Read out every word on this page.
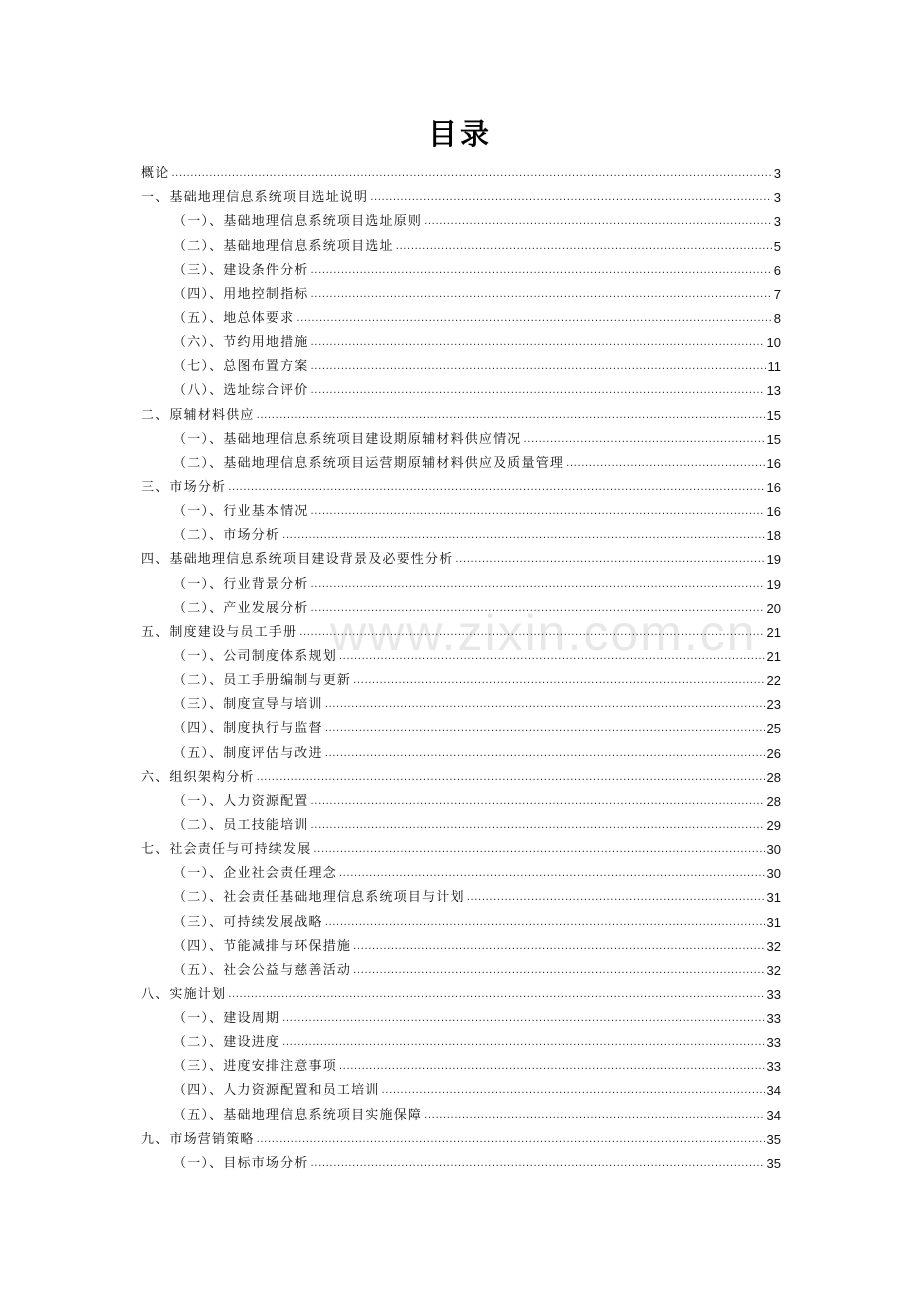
目录
www.zixin.com.cn
概论 .....	3
一、基础地理信息系统项目选址说明 .....	3
（一）、基础地理信息系统项目选址原则 .....	3
（二）、基础地理信息系统项目选址 .....	5
（三）、建设条件分析 .....	6
（四）、用地控制指标 .....	7
（五）、地总体要求 .....	8
（六）、节约用地措施 .....	10
（七）、总图布置方案 .....	11
（八）、选址综合评价 .....	13
二、原辅材料供应 .....	15
（一）、基础地理信息系统项目建设期原辅材料供应情况 .....	15
（二）、基础地理信息系统项目运营期原辅材料供应及质量管理 .....	16
三、市场分析 .....	16
（一）、行业基本情况 .....	16
（二）、市场分析 .....	18
四、基础地理信息系统项目建设背景及必要性分析 .....	19
（一）、行业背景分析 .....	19
（二）、产业发展分析 .....	20
五、制度建设与员工手册 .....	21
（一）、公司制度体系规划 .....	21
（二）、员工手册编制与更新 .....	22
（三）、制度宣导与培训 .....	23
（四）、制度执行与监督 .....	25
（五）、制度评估与改进 .....	26
六、组织架构分析 .....	28
（一）、人力资源配置 .....	28
（二）、员工技能培训 .....	29
七、社会责任与可持续发展 .....	30
（一）、企业社会责任理念 .....	30
（二）、社会责任基础地理信息系统项目与计划 .....	31
（三）、可持续发展战略 .....	31
（四）、节能减排与环保措施 .....	32
（五）、社会公益与慈善活动 .....	32
八、实施计划 .....	33
（一）、建设周期 .....	33
（二）、建设进度 .....	33
（三）、进度安排注意事项 .....	33
（四）、人力资源配置和员工培训 .....	34
（五）、基础地理信息系统项目实施保障 .....	34
九、市场营销策略 .....	35
（一）、目标市场分析 .....	35
